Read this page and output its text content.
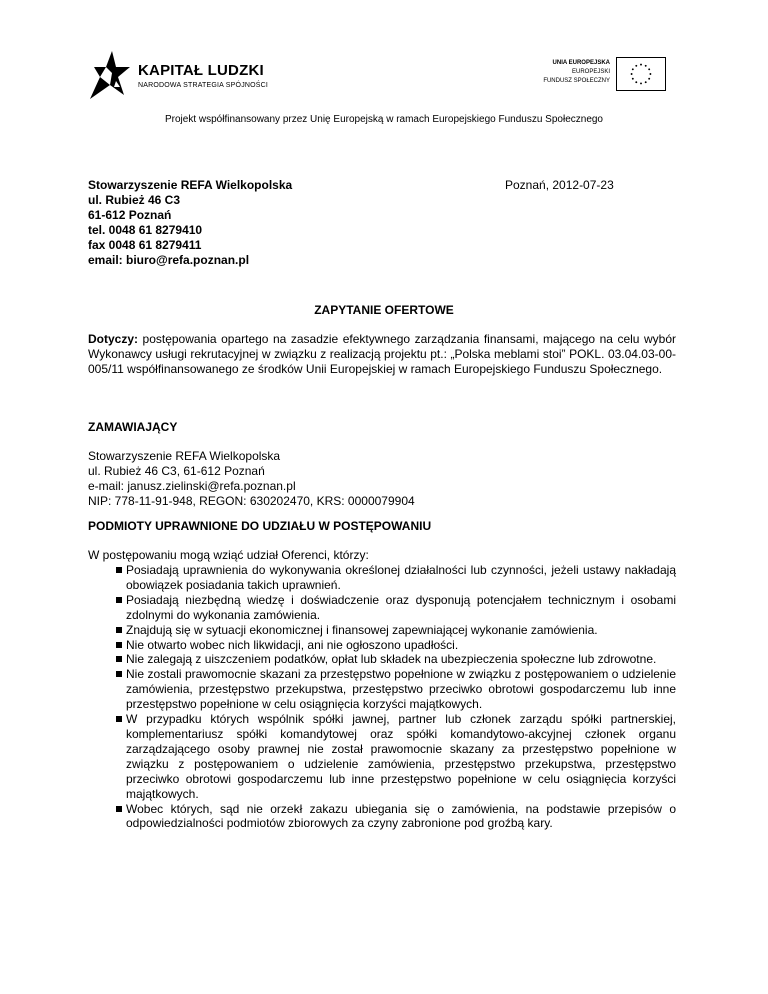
KAPITAŁ LUDZKI
NARODOWA STRATEGIA SPÓJNOŚCI
UNIA EUROPEJSKA
EUROPEJSKI
FUNDUSZ SPOŁECZNY
Projekt współfinansowany przez Unię Europejską w ramach Europejskiego Funduszu Społecznego
Stowarzyszenie REFA Wielkopolska
ul. Rubież 46 C3
61-612 Poznań
tel. 0048 61 8279410
fax 0048 61 8279411
email: biuro@refa.poznan.pl
Poznań, 2012-07-23
ZAPYTANIE OFERTOWE
Dotyczy: postępowania opartego na zasadzie efektywnego zarządzania finansami, mającego na celu wybór Wykonawcy usługi rekrutacyjnej w związku z realizacją projektu pt.: „Polska meblami stoi” POKL. 03.04.03-00-005/11 współfinansowanego ze środków Unii Europejskiej w ramach Europejskiego Funduszu Społecznego.
ZAMAWIAJĄCY
Stowarzyszenie REFA Wielkopolska
ul. Rubież 46 C3, 61-612 Poznań
e-mail: janusz.zielinski@refa.poznan.pl
NIP: 778-11-91-948, REGON: 630202470, KRS: 0000079904
PODMIOTY UPRAWNIONE DO UDZIAŁU W POSTĘPOWANIU
W postępowaniu mogą wziąć udział Oferenci, którzy:
Posiadają uprawnienia do wykonywania określonej działalności lub czynności, jeżeli ustawy nakładają obowiązek posiadania takich uprawnień.
Posiadają niezbędną wiedzę i doświadczenie oraz dysponują potencjałem technicznym i osobami zdolnymi do wykonania zamówienia.
Znajdują się w sytuacji ekonomicznej i finansowej zapewniającej wykonanie zamówienia.
Nie otwarto wobec nich likwidacji, ani nie ogłoszono upadłości.
Nie zalegają z uiszczeniem podatków, opłat lub składek na ubezpieczenia społeczne lub zdrowotne.
Nie zostali prawomocnie skazani za przestępstwo popełnione w związku z postępowaniem o udzielenie zamówienia, przestępstwo przekupstwa, przestępstwo przeciwko obrotowi gospodarczemu lub inne przestępstwo popełnione w celu osiągnięcia korzyści majątkowych.
W przypadku których wspólnik spółki jawnej, partner lub członek zarządu spółki partnerskiej, komplementariusz spółki komandytowej oraz spółki komandytowo-akcyjnej członek organu zarządzającego osoby prawnej nie został prawomocnie skazany za przestępstwo popełnione w związku z postępowaniem o udzielenie zamówienia, przestępstwo przekupstwa, przestępstwo przeciwko obrotowi gospodarczemu lub inne przestępstwo popełnione w celu osiągnięcia korzyści majątkowych.
Wobec których, sąd nie orzekł zakazu ubiegania się o zamówienia, na podstawie przepisów o odpowiedzialności podmiotów zbiorowych za czyny zabronione pod groźbą kary.
